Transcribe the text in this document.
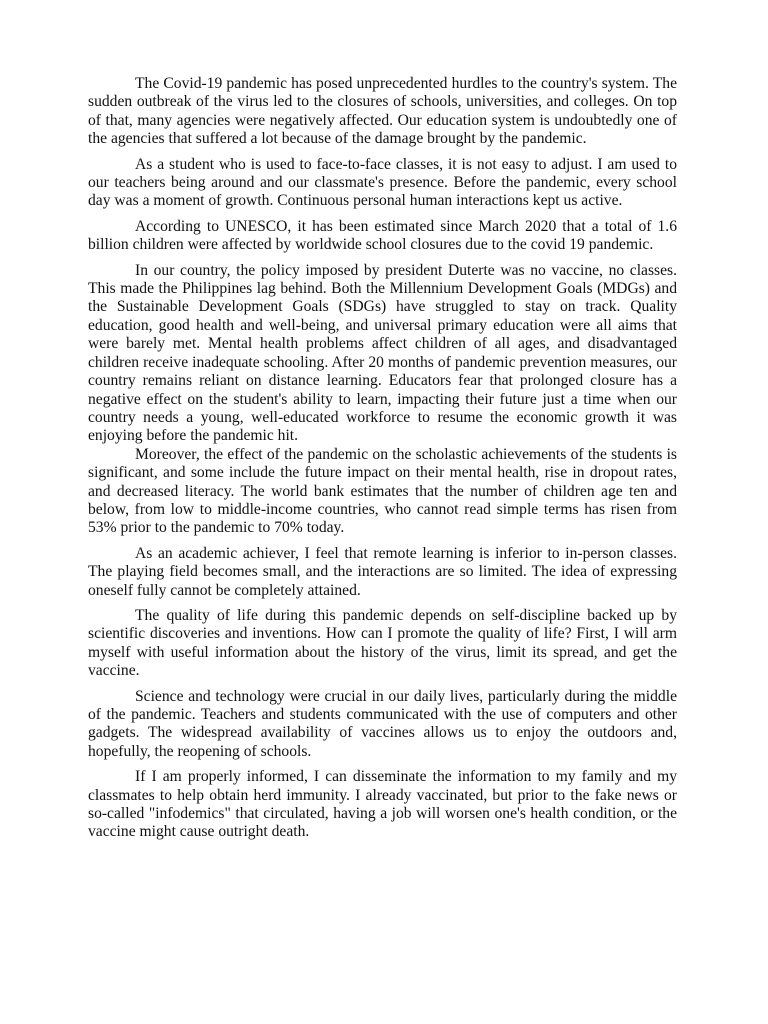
The Covid-19 pandemic has posed unprecedented hurdles to the country's system. The sudden outbreak of the virus led to the closures of schools, universities, and colleges. On top of that, many agencies were negatively affected. Our education system is undoubtedly one of the agencies that suffered a lot because of the damage brought by the pandemic.

As a student who is used to face-to-face classes, it is not easy to adjust. I am used to our teachers being around and our classmate's presence. Before the pandemic, every school day was a moment of growth. Continuous personal human interactions kept us active.

According to UNESCO, it has been estimated since March 2020 that a total of 1.6 billion children were affected by worldwide school closures due to the covid 19 pandemic.

In our country, the policy imposed by president Duterte was no vaccine, no classes. This made the Philippines lag behind. Both the Millennium Development Goals (MDGs) and the Sustainable Development Goals (SDGs) have struggled to stay on track. Quality education, good health and well-being, and universal primary education were all aims that were barely met. Mental health problems affect children of all ages, and disadvantaged children receive inadequate schooling. After 20 months of pandemic prevention measures, our country remains reliant on distance learning. Educators fear that prolonged closure has a negative effect on the student's ability to learn, impacting their future just a time when our country needs a young, well-educated workforce to resume the economic growth it was enjoying before the pandemic hit.

Moreover, the effect of the pandemic on the scholastic achievements of the students is significant, and some include the future impact on their mental health, rise in dropout rates, and decreased literacy. The world bank estimates that the number of children age ten and below, from low to middle-income countries, who cannot read simple terms has risen from 53% prior to the pandemic to 70% today.

As an academic achiever, I feel that remote learning is inferior to in-person classes. The playing field becomes small, and the interactions are so limited. The idea of expressing oneself fully cannot be completely attained.

The quality of life during this pandemic depends on self-discipline backed up by scientific discoveries and inventions. How can I promote the quality of life? First, I will arm myself with useful information about the history of the virus, limit its spread, and get the vaccine.

Science and technology were crucial in our daily lives, particularly during the middle of the pandemic. Teachers and students communicated with the use of computers and other gadgets. The widespread availability of vaccines allows us to enjoy the outdoors and, hopefully, the reopening of schools.

If I am properly informed, I can disseminate the information to my family and my classmates to help obtain herd immunity. I already vaccinated, but prior to the fake news or so-called "infodemics" that circulated, having a job will worsen one's health condition, or the vaccine might cause outright death.
